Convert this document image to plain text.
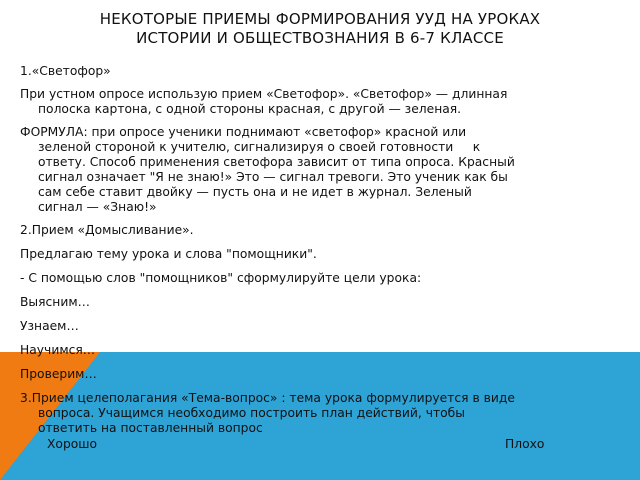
НЕКОТОРЫЕ ПРИЕМЫ ФОРМИРОВАНИЯ УУД НА УРОКАХ
ИСТОРИИ И ОБЩЕСТВОЗНАНИЯ В 6-7 КЛАССЕ

1.«Светофор»

При устном опросе использую прием «Светофор». «Светофор» — длинная

полоска картона, с одной стороны красная, с другой — зеленая.

ФОРМУЛА: при опросе ученики поднимают «светофор» красной или

зеленой стороной к учителю, сигнализируя о своей готовности     к

ответу. Способ применения светофора зависит от типа опроса. Красный

сигнал означает "Я не знаю!» Это — сигнал тревоги. Это ученик как бы

сам себе ставит двойку — пусть она и не идет в журнал. Зеленый

сигнал — «Знаю!»

2.Прием «Домысливание».

Предлагаю тему урока и слова "помощники".

- С помощью слов "помощников" сформулируйте цели урока:

Выясним…

Узнаем…

Научимся…

Проверим…

3.Прием целеполагания «Тема-вопрос» : тема урока формулируется в виде

вопроса. Учащимся необходимо построить план действий, чтобы

ответить на поставленный вопрос

Хорошо	Плохо
